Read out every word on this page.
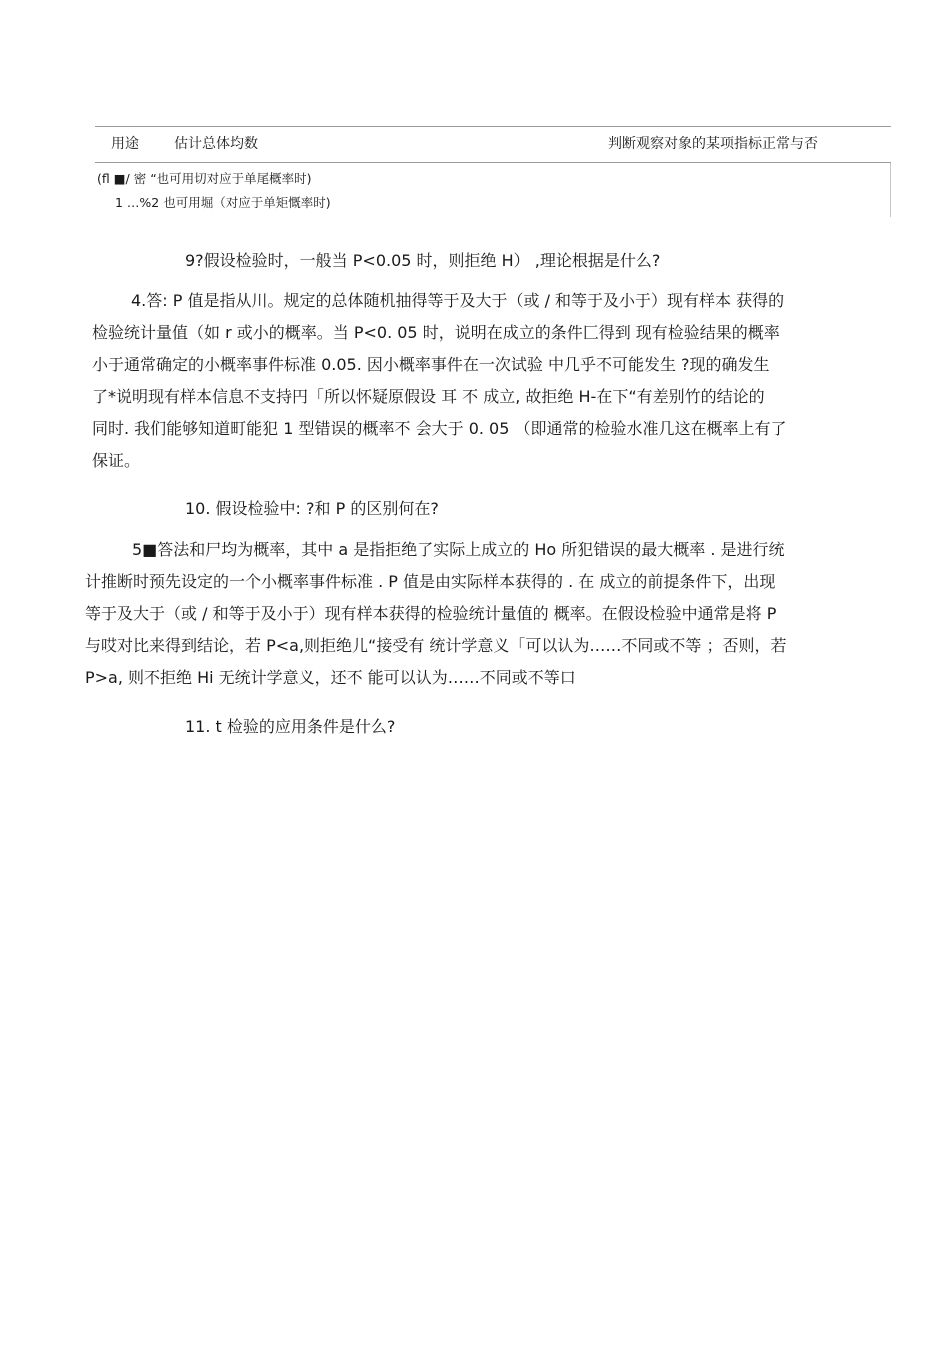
用途	估计总体均数	判断观察对象的某项指标正常与否
(fl ■/ 密 “也可用切对应于单尾概率时)
1 …%2 也可用堀（对应于单矩慨率时)
9?假设检验时，一般当 P<0.05 时，则拒绝 H） ,理论根据是什么?
4.答: P 值是指从川。规定的总体随机抽得等于及大于（或 / 和等于及小于）现有样本 获得的
检验统计量值（如 r 或小的概率。当 P<0. 05 时，说明在成立的条件匚得到 现有检验结果的概率
小于通常确定的小概率事件标准 0.05. 因小概率事件在一次试验 中几乎不可能发生 ?现的确发生
了*说明现有样本信息不支持円「所以怀疑原假设 耳 不 成立, 故拒绝 H-在下“有差别竹的结论的
同时. 我们能够知道町能犯 1 型错误的概率不 会大于 0. 05 （即通常的检验水准几这在概率上有了
保证。
10. 假设检验中: ?和 P 的区别何在?
5■答法和尸均为概率，其中 a 是指拒绝了实际上成立的 Ho 所犯错误的最大概率 . 是进行统
计推断时预先设定的一个小概率事件标准 . P 值是由实际样本获得的 . 在 成立的前提条件下，出现
等于及大于（或 / 和等于及小于）现有样本获得的检验统计量值的 概率。在假设检验中通常是将 P
与哎对比来得到结论，若 P<a,则拒绝儿“接受有 统计学意义「可以认为……不同或不等 ；否则，若
P>a, 则不拒绝 Hi 无统计学意义，还不 能可以认为……不同或不等口
11. t 检验的应用条件是什么?
